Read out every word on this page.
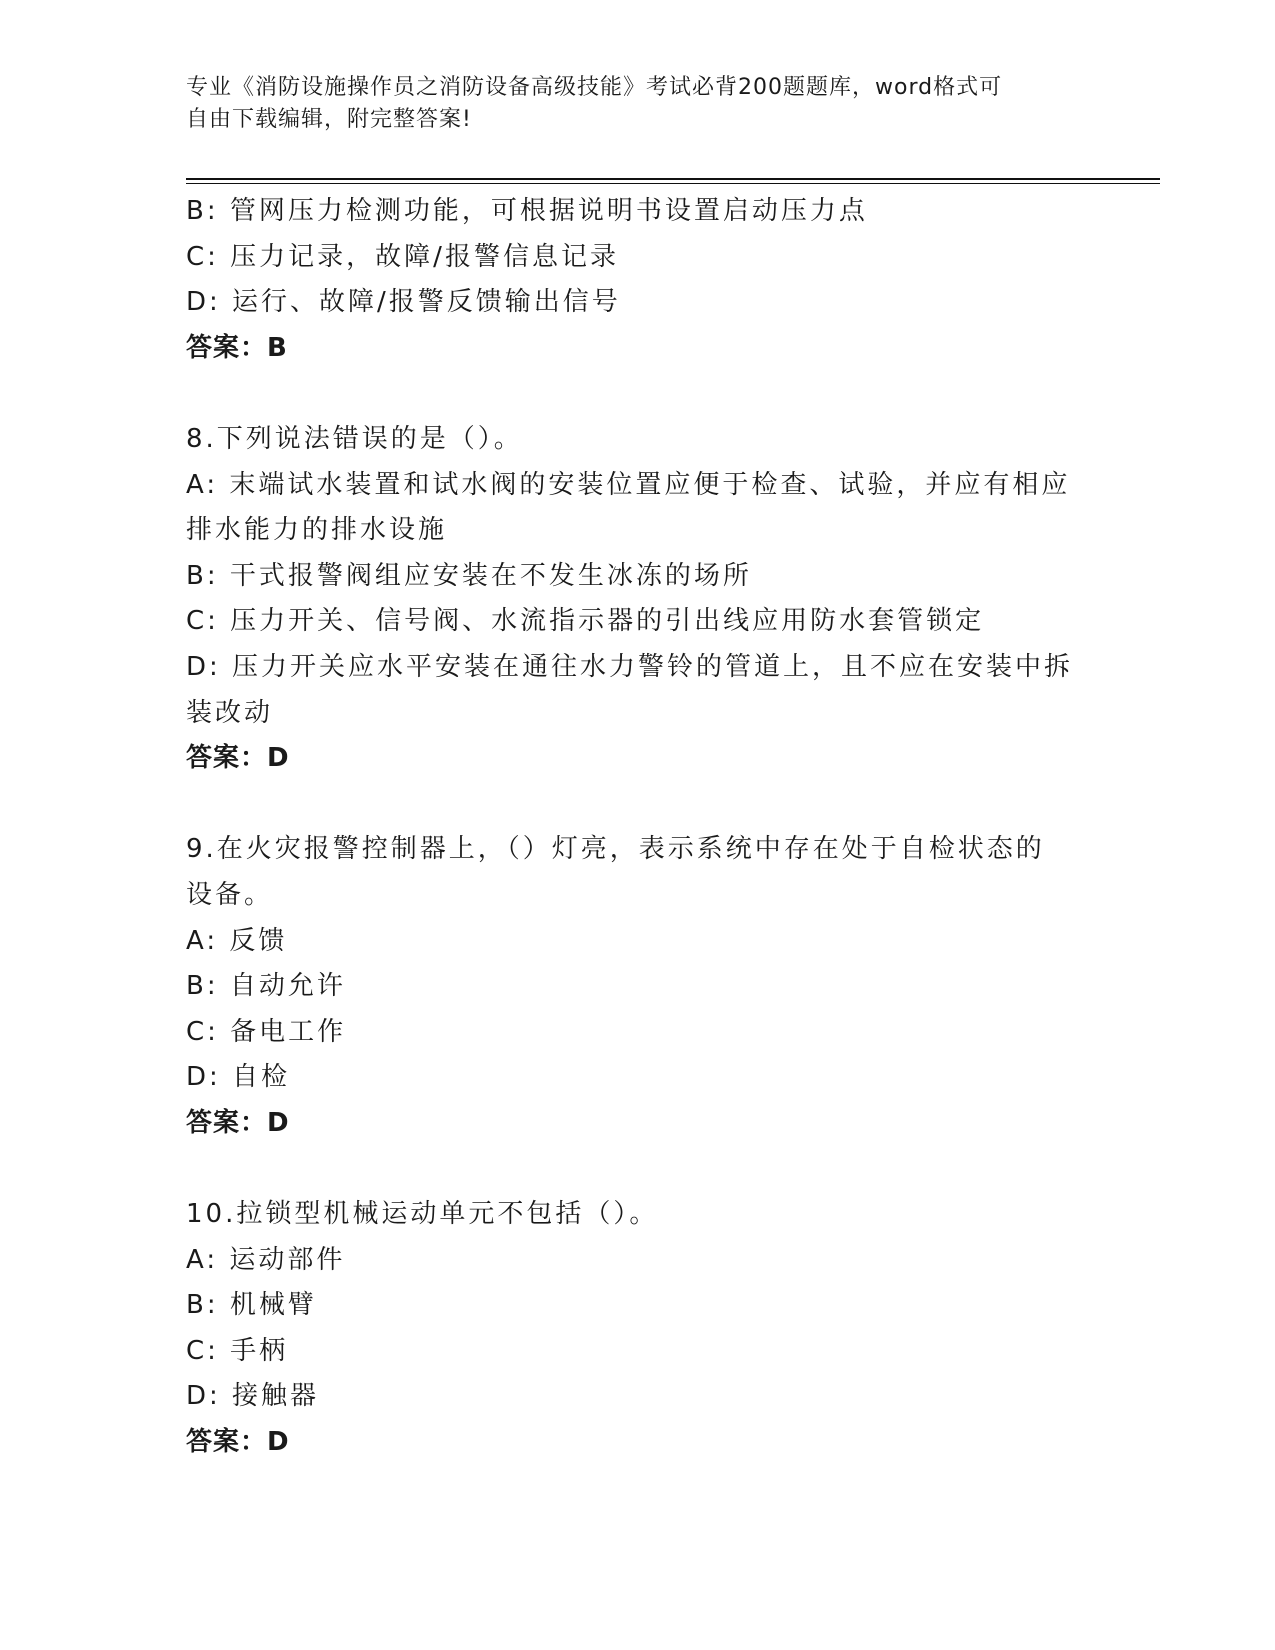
专业《消防设施操作员之消防设备高级技能》考试必背200题题库，word格式可
自由下载编辑，附完整答案!

B: 管网压力检测功能，可根据说明书设置启动压力点

C: 压力记录，故障/报警信息记录

D: 运行、故障/报警反馈输出信号

答案：B

8.下列说法错误的是（）。

A: 末端试水装置和试水阀的安装位置应便于检查、试验，并应有相应

排水能力的排水设施

B: 干式报警阀组应安装在不发生冰冻的场所

C: 压力开关、信号阀、水流指示器的引出线应用防水套管锁定

D: 压力开关应水平安装在通往水力警铃的管道上，且不应在安装中拆

装改动

答案：D

9.在火灾报警控制器上，（）灯亮，表示系统中存在处于自检状态的

设备。

A: 反馈

B: 自动允许

C: 备电工作

D: 自检

答案：D

10.拉锁型机械运动单元不包括（）。

A: 运动部件

B: 机械臂

C: 手柄

D: 接触器

答案：D
